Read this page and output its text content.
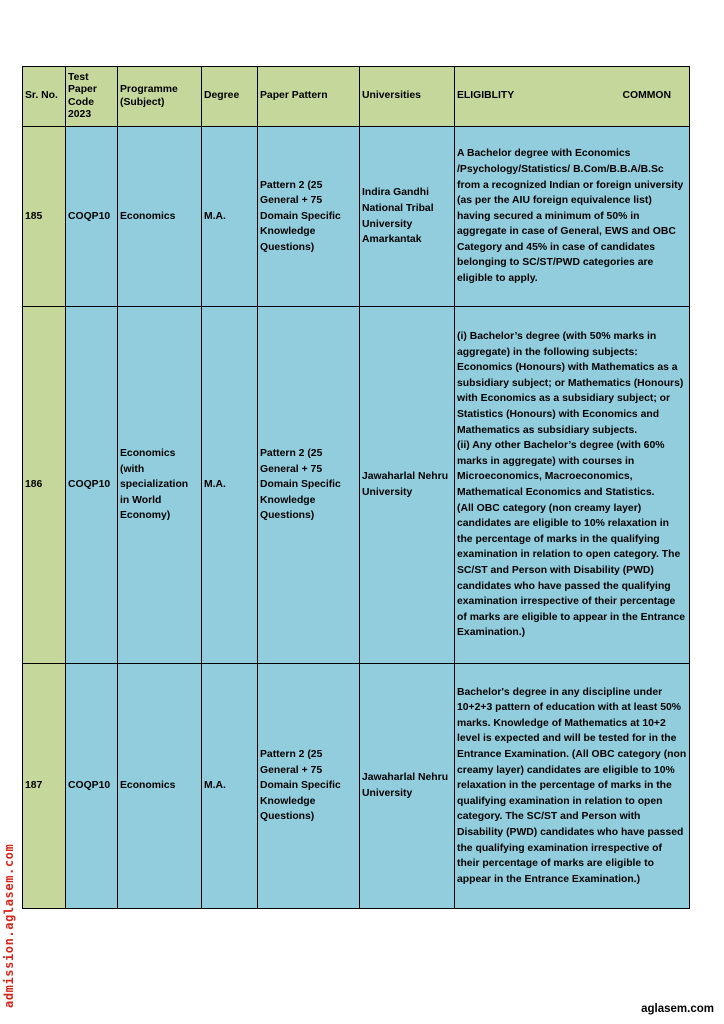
Sr. No.	Test
Paper
Code
2023	Programme
(Subject)	Degree	Paper Pattern	Universities	ELIGIBLITY COMMON

185	COQP10	Economics	M.A.	Pattern 2 (25 General + 75 Domain Specific Knowledge Questions)	Indira Gandhi National Tribal University Amarkantak	A Bachelor degree with Economics /Psychology/Statistics/ B.Com/B.B.A/B.Sc from a recognized Indian or foreign university (as per the AIU foreign equivalence list) having secured a minimum of 50% in aggregate in case of General, EWS and OBC Category and 45% in case of candidates belonging to SC/ST/PWD categories are eligible to apply.
186	COQP10	Economics (with specialization in World Economy)	M.A.	Pattern 2 (25 General + 75 Domain Specific Knowledge Questions)	Jawaharlal Nehru University	(i) Bachelor’s degree (with 50% marks in aggregate) in the following subjects: Economics (Honours) with Mathematics as a subsidiary subject; or Mathematics (Honours) with Economics as a subsidiary subject; or Statistics (Honours) with Economics and Mathematics as subsidiary subjects.
(ii) Any other Bachelor’s degree (with 60% marks in aggregate) with courses in Microeconomics, Macroeconomics, Mathematical Economics and Statistics.
(All OBC category (non creamy layer) candidates are eligible to 10% relaxation in the percentage of marks in the qualifying examination in relation to open category. The SC/ST and Person with Disability (PWD) candidates who have passed the qualifying examination irrespective of their percentage of marks are eligible to appear in the Entrance Examination.)
187	COQP10	Economics	M.A.	Pattern 2 (25 General + 75 Domain Specific Knowledge Questions)	Jawaharlal Nehru University	Bachelor's degree in any discipline under 10+2+3 pattern of education with at least 50% marks. Knowledge of Mathematics at 10+2 level is expected and will be tested for in the Entrance Examination. (All OBC category (non creamy layer) candidates are eligible to 10% relaxation in the percentage of marks in the qualifying examination in relation to open category. The SC/ST and Person with Disability (PWD) candidates who have passed the qualifying examination irrespective of their percentage of marks are eligible to appear in the Entrance Examination.)
admission.aglasem.com
aglasem.com
